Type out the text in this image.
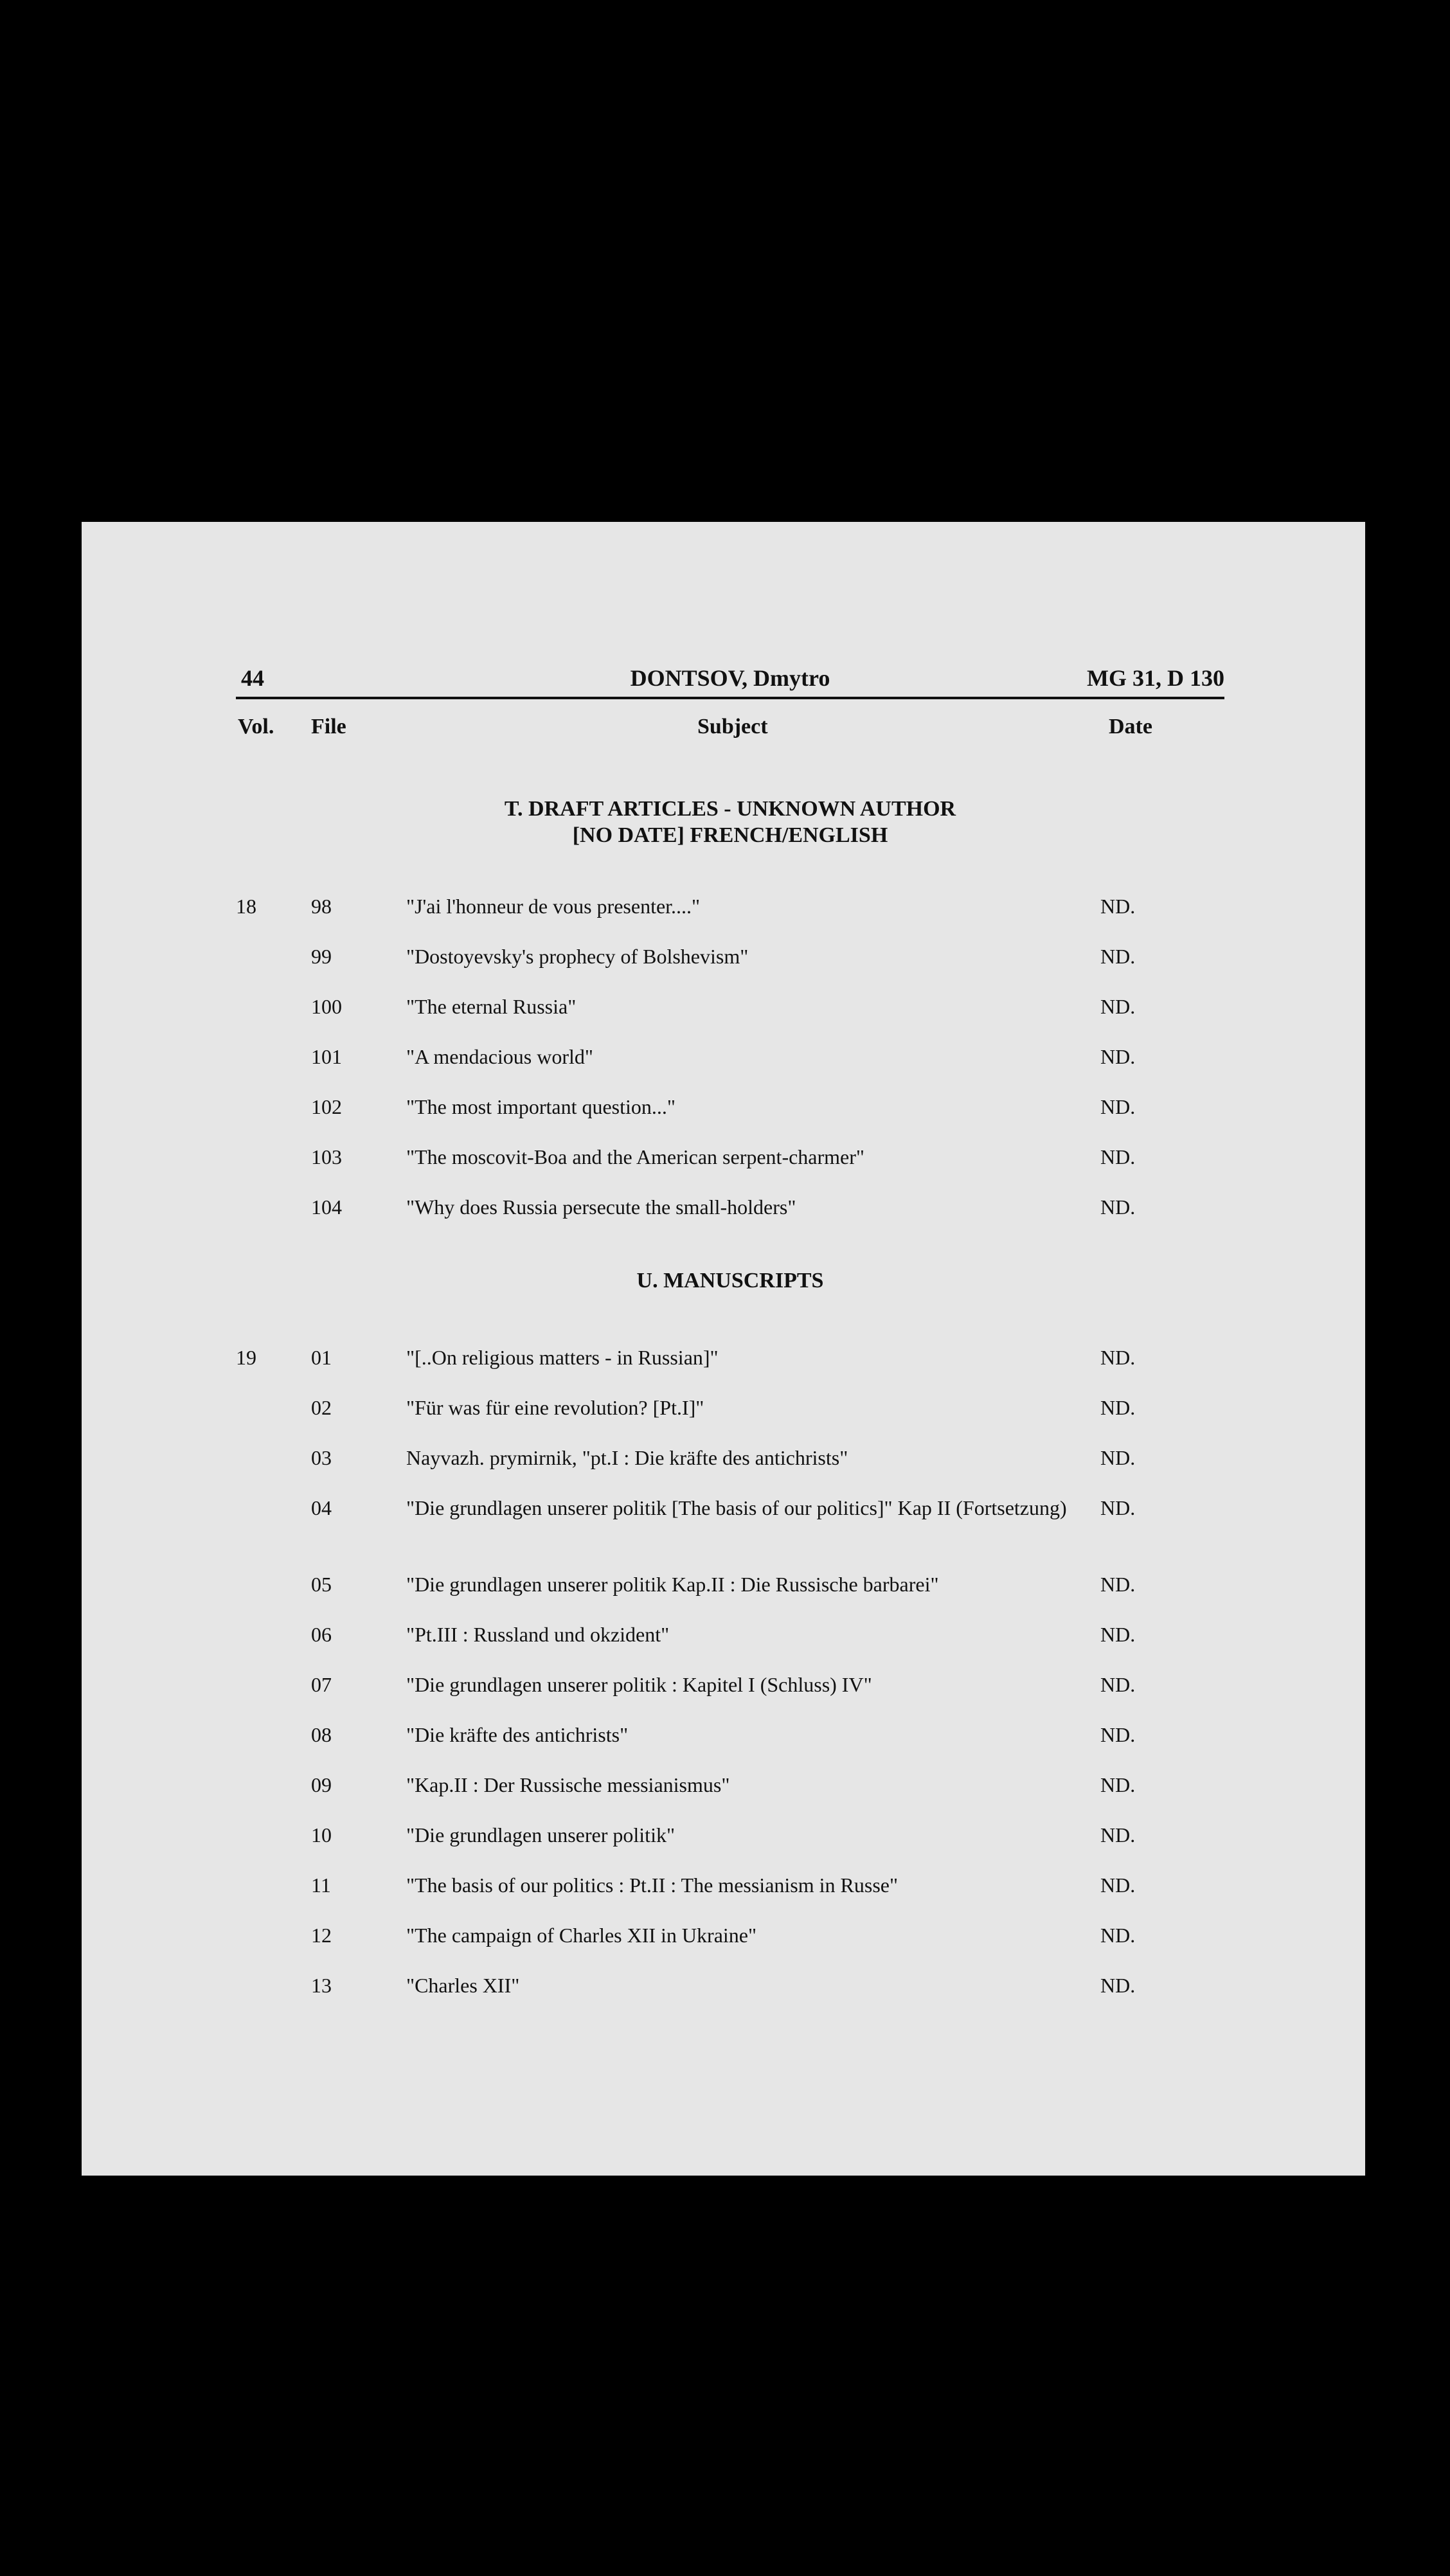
44	DONTSOV, Dmytro	MG 31, D 130
Vol. File	Subject	Date
T. DRAFT ARTICLES - UNKNOWN AUTHOR
[NO DATE] FRENCH/ENGLISH
18	98	"J'ai l'honneur de vous presenter...."	ND.
99	"Dostoyevsky's prophecy of Bolshevism"	ND.
100	"The eternal Russia"	ND.
101	"A mendacious world"	ND.
102	"The most important question..."	ND.
103	"The moscovit-Boa and the American serpent-charmer"	ND.
104	"Why does Russia persecute the small-holders"	ND.
U. MANUSCRIPTS
19	01	"[..On religious matters - in Russian]"	ND.
02	"Für was für eine revolution? [Pt.I]"	ND.
03	Nayvazh. prymirnik, "pt.I : Die kräfte des antichrists"	ND.
04	"Die grundlagen unserer politik [The basis of our politics]" Kap II (Fortsetzung)	ND.
05	"Die grundlagen unserer politik Kap.II : Die Russische barbarei"	ND.
06	"Pt.III : Russland und okzident"	ND.
07	"Die grundlagen unserer politik : Kapitel I (Schluss) IV"	ND.
08	"Die kräfte des antichrists"	ND.
09	"Kap.II : Der Russische messianismus"	ND.
10	"Die grundlagen unserer politik"	ND.
11	"The basis of our politics : Pt.II : The messianism in Russe"	ND.
12	"The campaign of Charles XII in Ukraine"	ND.
13	"Charles XII"	ND.
